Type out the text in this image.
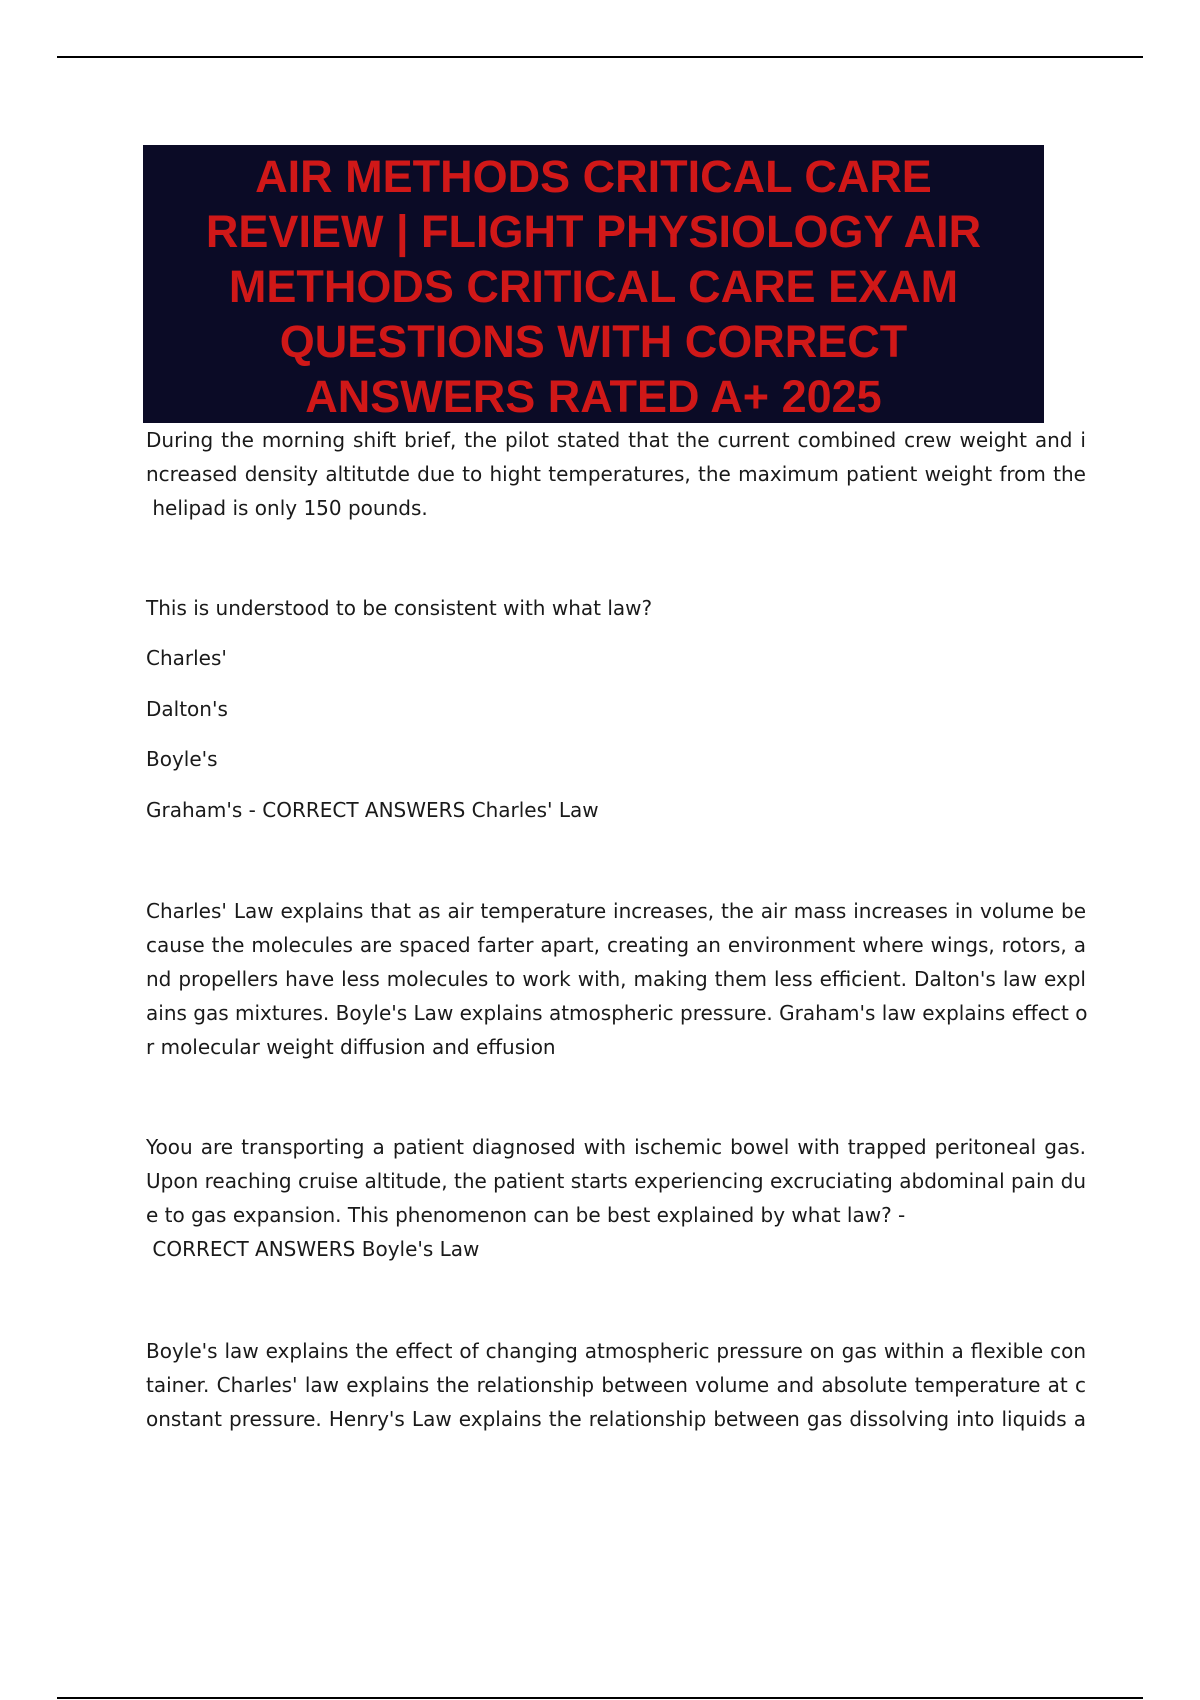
AIR METHODS CRITICAL CARE
REVIEW | FLIGHT PHYSIOLOGY AIR
METHODS CRITICAL CARE EXAM
QUESTIONS WITH CORRECT
ANSWERS RATED A+ 2025
During the morning shift brief, the pilot stated that the current combined crew weight and i
ncreased density altitutde due to hight temperatures, the maximum patient weight from the
helipad is only 150 pounds.
This is understood to be consistent with what law?
Charles'
Dalton's
Boyle's
Graham's - CORRECT ANSWERS Charles' Law
Charles' Law explains that as air temperature increases, the air mass increases in volume be
cause the molecules are spaced farter apart, creating an environment where wings, rotors, a
nd propellers have less molecules to work with, making them less efficient. Dalton's law expl
ains gas mixtures. Boyle's Law explains atmospheric pressure. Graham's law explains effect o
r molecular weight diffusion and effusion
Yoou are transporting a patient diagnosed with ischemic bowel with trapped peritoneal gas.
Upon reaching cruise altitude, the patient starts experiencing excruciating abdominal pain du
e to gas expansion. This phenomenon can be best explained by what law? -
CORRECT ANSWERS Boyle's Law
Boyle's law explains the effect of changing atmospheric pressure on gas within a flexible con
tainer. Charles' law explains the relationship between volume and absolute temperature at c
onstant pressure. Henry's Law explains the relationship between gas dissolving into liquids a
